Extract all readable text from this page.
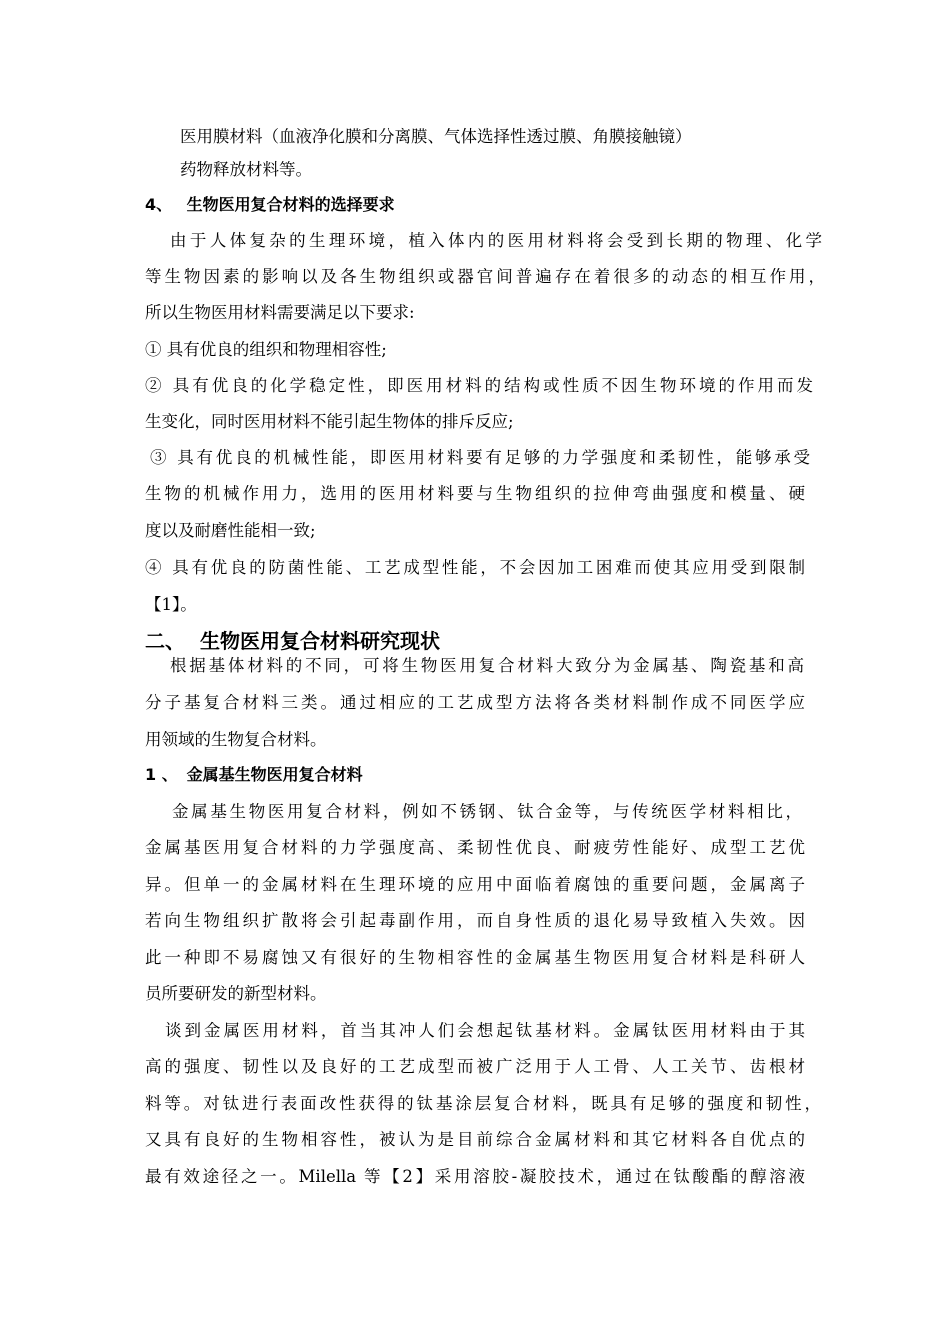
医用膜材料（血液净化膜和分离膜、气体选择性透过膜、角膜接触镜）
药物释放材料等。
4、 生物医用复合材料的选择要求
由于人体复杂的生理环境，植入体内的医用材料将会受到长期的物理、化学
等生物因素的影响以及各生物组织或器官间普遍存在着很多的动态的相互作用，
所以生物医用材料需要满足以下要求:
① 具有优良的组织和物理相容性;
② 具有优良的化学稳定性，即医用材料的结构或性质不因生物环境的作用而发
生变化，同时医用材料不能引起生物体的排斥反应;
③ 具有优良的机械性能，即医用材料要有足够的力学强度和柔韧性，能够承受
生物的机械作用力，选用的医用材料要与生物组织的拉伸弯曲强度和模量、硬
度以及耐磨性能相一致;
④ 具有优良的防菌性能、工艺成型性能，不会因加工困难而使其应用受到限制
【1】。
二、 生物医用复合材料研究现状
根据基体材料的不同，可将生物医用复合材料大致分为金属基、陶瓷基和高
分子基复合材料三类。通过相应的工艺成型方法将各类材料制作成不同医学应
用领域的生物复合材料。
1 、 金属基生物医用复合材料
金属基生物医用复合材料，例如不锈钢、钛合金等，与传统医学材料相比，
金属基医用复合材料的力学强度高、柔韧性优良、耐疲劳性能好、成型工艺优
异。但单一的金属材料在生理环境的应用中面临着腐蚀的重要问题，金属离子
若向生物组织扩散将会引起毒副作用，而自身性质的退化易导致植入失效。因
此一种即不易腐蚀又有很好的生物相容性的金属基生物医用复合材料是科研人
员所要研发的新型材料。
谈到金属医用材料，首当其冲人们会想起钛基材料。金属钛医用材料由于其
高的强度、韧性以及良好的工艺成型而被广泛用于人工骨、人工关节、齿根材
料等。对钛进行表面改性获得的钛基涂层复合材料，既具有足够的强度和韧性，
又具有良好的生物相容性，被认为是目前综合金属材料和其它材料各自优点的
最有效途径之一。Milella 等【2】采用溶胶-凝胶技术，通过在钛酸酯的醇溶液
